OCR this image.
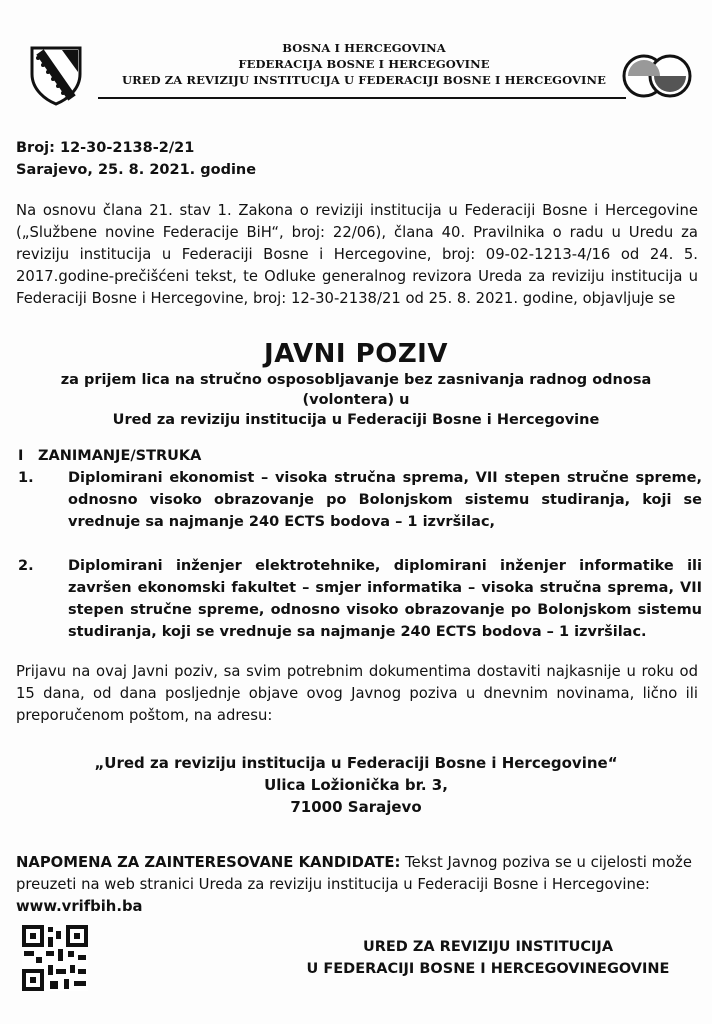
BOSNA I HERCEGOVINA
FEDERACIJA BOSNE I HERCEGOVINE
URED ZA REVIZIJU INSTITUCIJA U FEDERACIJI BOSNE I HERCEGOVINE
Broj: 12-30-2138-2/21
Sarajevo, 25. 8. 2021. godine
Na osnovu člana 21. stav 1. Zakona o reviziji institucija u Federaciji Bosne i Hercegovine („Službene novine Federacije BiH“, broj: 22/06), člana 40. Pravilnika o radu u Uredu za reviziju institucija u Federaciji Bosne i Hercegovine, broj: 09-02-1213-4/16 od 24. 5. 2017.godine-prečišćeni tekst, te Odluke generalnog revizora Ureda za reviziju institucija u Federaciji Bosne i Hercegovine, broj: 12-30-2138/21 od 25. 8. 2021. godine, objavljuje se
JAVNI POZIV
za prijem lica na stručno osposobljavanje bez zasnivanja radnog odnosa
(volontera) u
Ured za reviziju institucija u Federaciji Bosne i Hercegovine
I	ZANIMANJE/STRUKA
1.	Diplomirani ekonomist – visoka stručna sprema, VII stepen stručne spreme, odnosno visoko obrazovanje po Bolonjskom sistemu studiranja, koji se vrednuje sa najmanje 240 ECTS bodova – 1 izvršilac,
2.	Diplomirani inženjer elektrotehnike, diplomirani inženjer informatike ili završen ekonomski fakultet – smjer informatika – visoka stručna sprema, VII stepen stručne spreme, odnosno visoko obrazovanje po Bolonjskom sistemu studiranja, koji se vrednuje sa najmanje 240 ECTS bodova – 1 izvršilac.
Prijavu na ovaj Javni poziv, sa svim potrebnim dokumentima dostaviti najkasnije u roku od 15 dana, od dana posljednje objave ovog Javnog poziva u dnevnim novinama, lično ili preporučenom poštom, na adresu:
„Ured za reviziju institucija u Federaciji Bosne i Hercegovine“
Ulica Ložionička br. 3,
71000 Sarajevo
NAPOMENA ZA ZAINTERESOVANE KANDIDATE: Tekst Javnog poziva se u cijelosti može preuzeti na web stranici Ureda za reviziju institucija u Federaciji Bosne i Hercegovine: www.vrifbih.ba
URED ZA REVIZIJU INSTITUCIJA
U FEDERACIJI BOSNE I HERCEGOVINEGOVINE
